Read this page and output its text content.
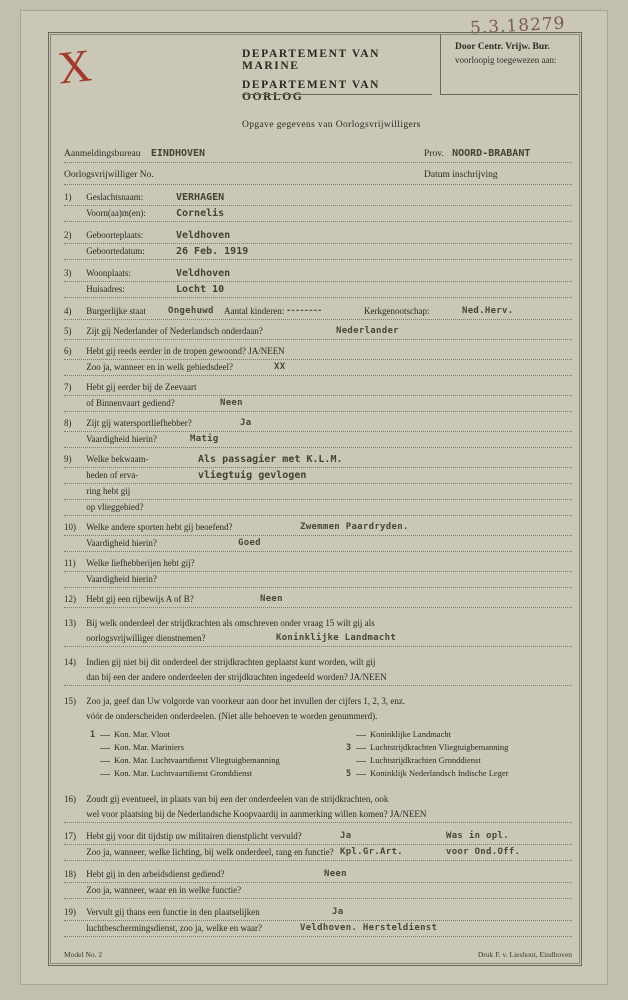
5.3.18279
X	Door Centr. Vrijw. Bur.
voorloopig toegewezen aan:
DEPARTEMENT VAN MARINE
DEPARTEMENT VAN OORLOG
Opgave gegevens van Oorlogsvrijwilligers
Aanmeldingsbureau EINDHOVEN	Prov. NOORD-BRABANT
Oorlogsvrijwilliger No.	Datum inschrijving
1) Geslachtsnaam:	VERHAGEN
Voorn(aa)m(en):	Cornelis
2) Geboorteplaats:	Veldhoven
Geboortedatum:	26 Feb. 1919
3) Woonplaats:	Veldhoven
Huisadres:	Locht 10
4) Burgerlijke staat Ongehuwd Aantal kinderen: --------	Kerkgenootschap:	Ned.Herv.
5) Zijt gij Nederlander of Nederlandsch onderdaan?	Nederlander
6) Hebt gij reeds eerder in de tropen gewoond? JA/NEEN
Zoo ja, wanneer en in welk gebiedsdeel?	XX
7) Hebt gij eerder bij de Zeevaart
of Binnenvaart gediend?	Neen
8) Zijt gij watersportliefhebber?	Ja
Vaardigheid hierin?	Matig
9) Welke bekwaam-	Als passagier met K.L.M.
heden of erva-	vliegtuig gevlogen
ring hebt gij
op vlieggebied?
10) Welke andere sporten hebt gij beoefend?	Zwemmen Paardryden.
Vaardigheid hierin?	Goed
11) Welke liefhebberijen hebt gij?
Vaardigheid hierin?
12) Hebt gij een rijbewijs A of B?	Neen
13) Bij welk onderdeel der strijdkrachten als omschreven onder vraag 15 wilt gij als
oorlogsvrijwilliger dienstnemen?	Koninklijke Landmacht
14) Indien gij niet bij dit onderdeel der strijdkrachten geplaatst kunt worden, wilt gij
dan bij een der andere onderdeelen der strijdkrachten ingedeeld worden? JA/NEEN
15) Zoo ja, geef dan Uw volgorde van voorkeur aan door het invullen der cijfers 1, 2, 3, enz.
vóór de onderscheiden onderdeelen. (Niet alle behoeven te worden genummerd).
1 Kon. Mar. Vloot
Kon. Mar. Mariniers
Kon. Mar. Luchtvaartdienst Vliegtuigbemanning
Kon. Mar. Luchtvaartdienst Gronddienst
Koninklijke Landmacht
3 Luchtstrijdkrachten Vliegtuigbemanning
Luchtstrijdkrachten Gronddienst
5 Koninklijk Nederlandsch Indische Leger
16) Zoudt gij eventueel, in plaats van bij een der onderdeelen van de strijdkrachten, ook
wel voor plaatsing bij de Nederlandsche Koopvaardij in aanmerking willen komen? JA/NEEN
17) Hebt gij voor dit tijdstip uw militairen dienstplicht vervuld?	Ja	Was in opl.
Zoo ja, wanneer, welke lichting, bij welk onderdeel, rang en functie? Kpl.Gr.Art.	voor Ond.Off.
18) Hebt gij in den arbeidsdienst gediend?	Neen
Zoo ja, wanneer, waar en in welke functie?
19) Vervult gij thans een functie in den plaatselijken	Ja
luchtbeschermingsdienst, zoo ja, welke en waar?	Veldhoven. Hersteldienst
Model No. 2	Druk F. v. Lieshout, Eindhoven
